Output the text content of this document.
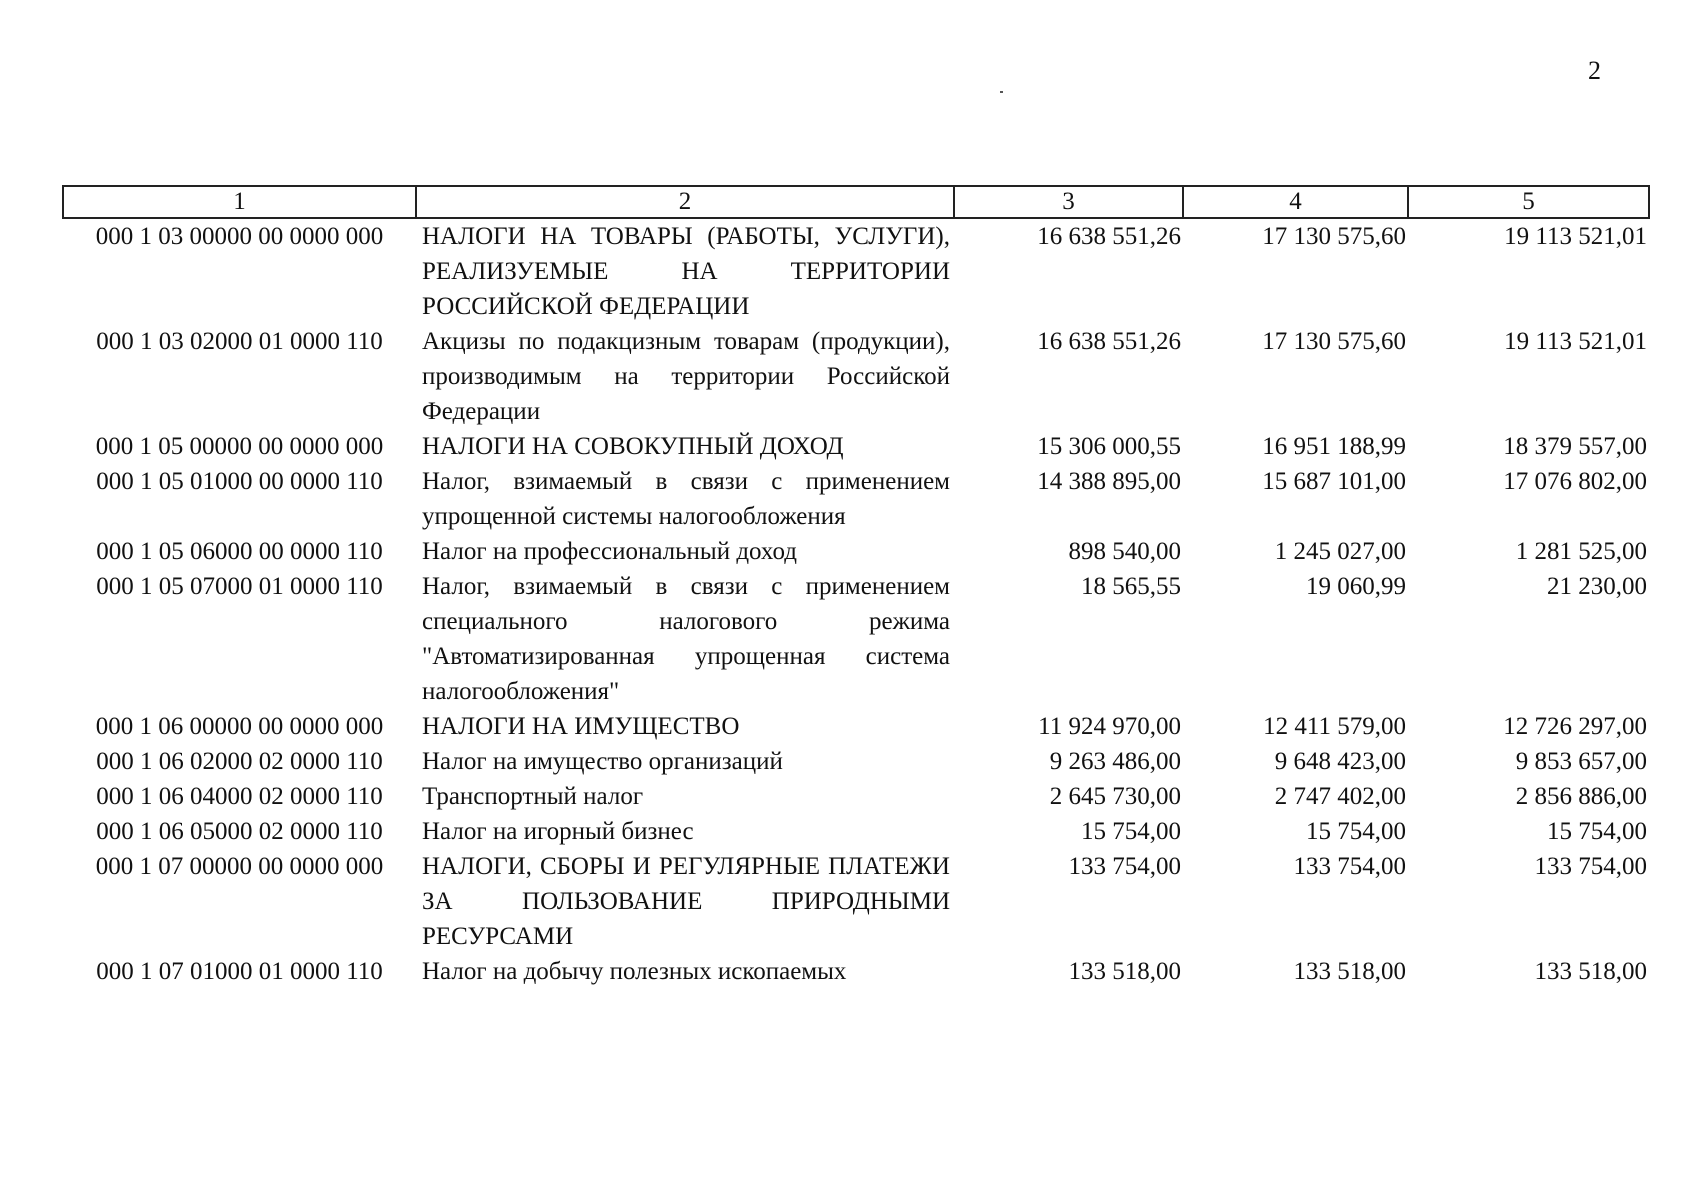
2
1	2	3	4	5
000 1 03 00000 00 0000 000	НАЛОГИ НА ТОВАРЫ (РАБОТЫ, УСЛУГИ), РЕАЛИЗУЕМЫЕ НА ТЕРРИТОРИИ РОССИЙСКОЙ ФЕДЕРАЦИИ	16 638 551,26	17 130 575,60	19 113 521,01
000 1 03 02000 01 0000 110	Акцизы по подакцизным товарам (продукции), производимым на территории Российской Федерации	16 638 551,26	17 130 575,60	19 113 521,01
000 1 05 00000 00 0000 000	НАЛОГИ НА СОВОКУПНЫЙ ДОХОД	15 306 000,55	16 951 188,99	18 379 557,00
000 1 05 01000 00 0000 110	Налог, взимаемый в связи с применением упрощенной системы налогообложения	14 388 895,00	15 687 101,00	17 076 802,00
000 1 05 06000 00 0000 110	Налог на профессиональный доход	898 540,00	1 245 027,00	1 281 525,00
000 1 05 07000 01 0000 110	Налог, взимаемый в связи с применением специального налогового режима "Автоматизированная упрощенная система налогообложения"	18 565,55	19 060,99	21 230,00
000 1 06 00000 00 0000 000	НАЛОГИ НА ИМУЩЕСТВО	11 924 970,00	12 411 579,00	12 726 297,00
000 1 06 02000 02 0000 110	Налог на имущество организаций	9 263 486,00	9 648 423,00	9 853 657,00
000 1 06 04000 02 0000 110	Транспортный налог	2 645 730,00	2 747 402,00	2 856 886,00
000 1 06 05000 02 0000 110	Налог на игорный бизнес	15 754,00	15 754,00	15 754,00
000 1 07 00000 00 0000 000	НАЛОГИ, СБОРЫ И РЕГУЛЯРНЫЕ ПЛАТЕЖИ ЗА ПОЛЬЗОВАНИЕ ПРИРОДНЫМИ РЕСУРСАМИ	133 754,00	133 754,00	133 754,00
000 1 07 01000 01 0000 110	Налог на добычу полезных ископаемых	133 518,00	133 518,00	133 518,00
